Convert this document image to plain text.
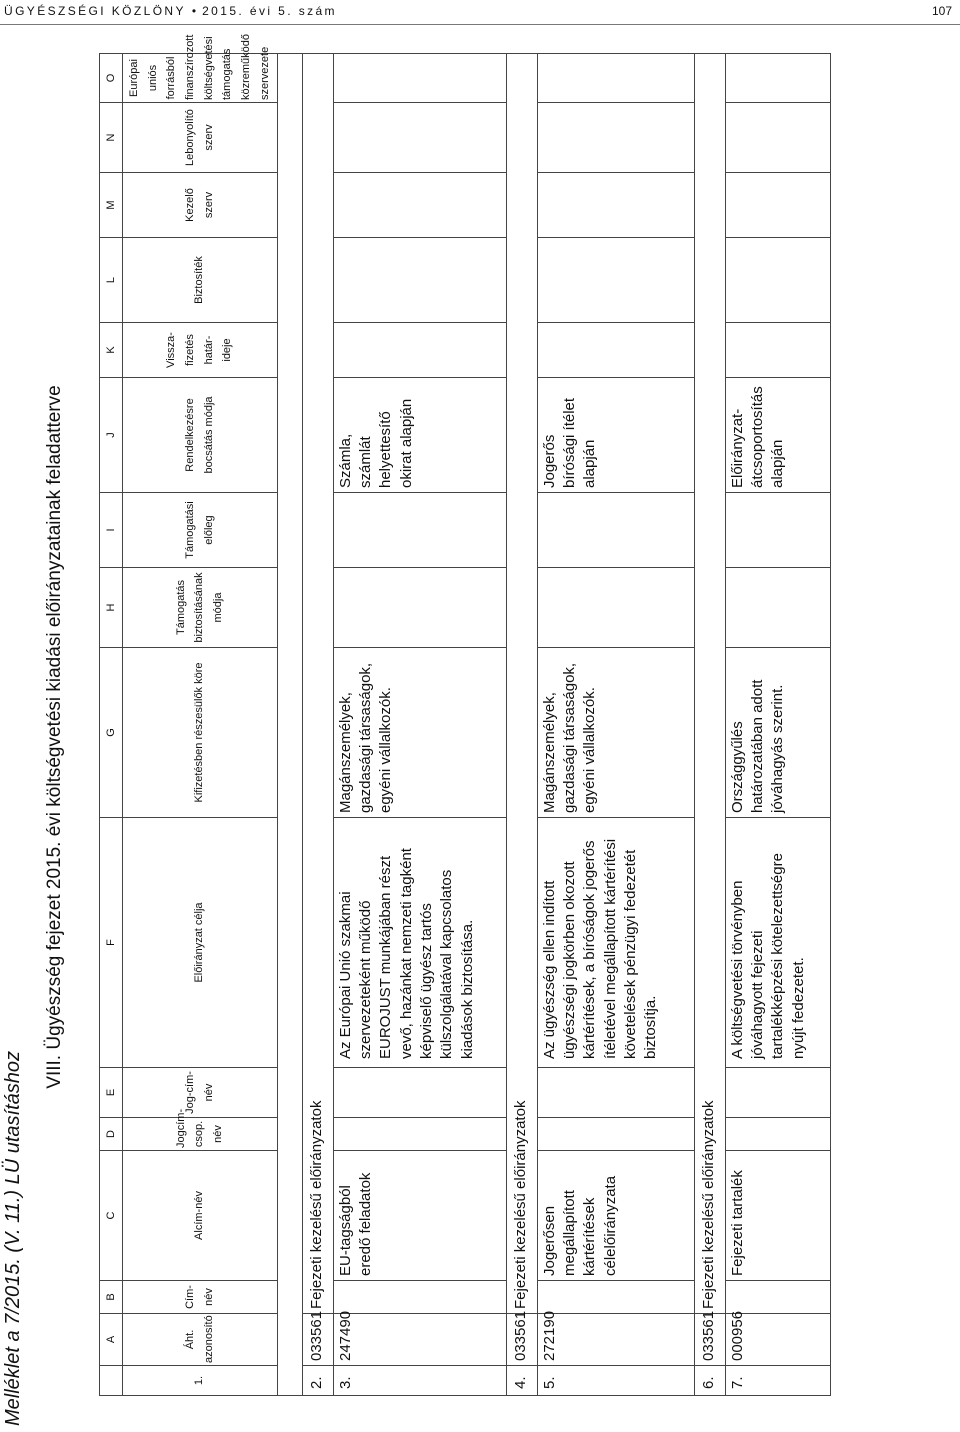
ÜGYÉSZSÉGI KÖZLÖNY • 2015. évi 5. szám	107
Melléklet a 7/2015. (V. 11.) LÜ utasításhoz
VIII. Ügyészség fejezet 2015. évi költségvetési kiadási előirányzatainak feladatterve
	A	B	C	D	E	F	G	H	I	J	K	L	M	N	O
1.	Áht. azonosító	Cím-név	Alcím-név	Jogcím-csop. név	Jog-cím-név	Előirányzat célja	Kifizetésben részesülők köre	Támogatás biztosításának módja	Támogatási előleg	Rendelkezésre bocsátás módja	Vissza-fizetés határ-ideje	Biztosíték	Kezelő szerv	Lebonyolító szerv	Európai uniós forrásból finanszírozott költségvetési támogatás közreműködő szervezete

2.	033561	Fejezeti kezelésű előirányzatok													
3.	247490		EU-tagságból eredő feladatok			Az Európai Unió szakmai szervezeteként működő EUROJUST munkájában részt vevő, hazánkat nemzeti tagként képviselő ügyész tartós külszolgálatával kapcsolatos kiadások biztosítása.	Magánszemélyek, gazdasági társaságok, egyéni vállalkozók.			Számla, számlát helyettesítő okirat alapján					
4.	033561	Fejezeti kezelésű előirányzatok													
5.	272190		Jogerősen megállapított kártérítések célelőirányzata			Az ügyészség ellen indított ügyészségi jogkörben okozott kártérítések, a bíróságok jogerős ítéletével megállapított kártérítési követelések pénzügyi fedezetét biztosítja.	Magánszemélyek, gazdasági társaságok, egyéni vállalkozók.			Jogerős bírósági ítélet alapján					
6.	033561	Fejezeti kezelésű előirányzatok													
7.	000956		Fejezeti tartalék			A költségvetési törvényben jóváhagyott fejezeti tartalékképzési kötelezettségre nyújt fedezetet.	Országgyűlés határozatában adott jóváhagyás szerint.			Előirányzat-átcsoportosítás alapján					
